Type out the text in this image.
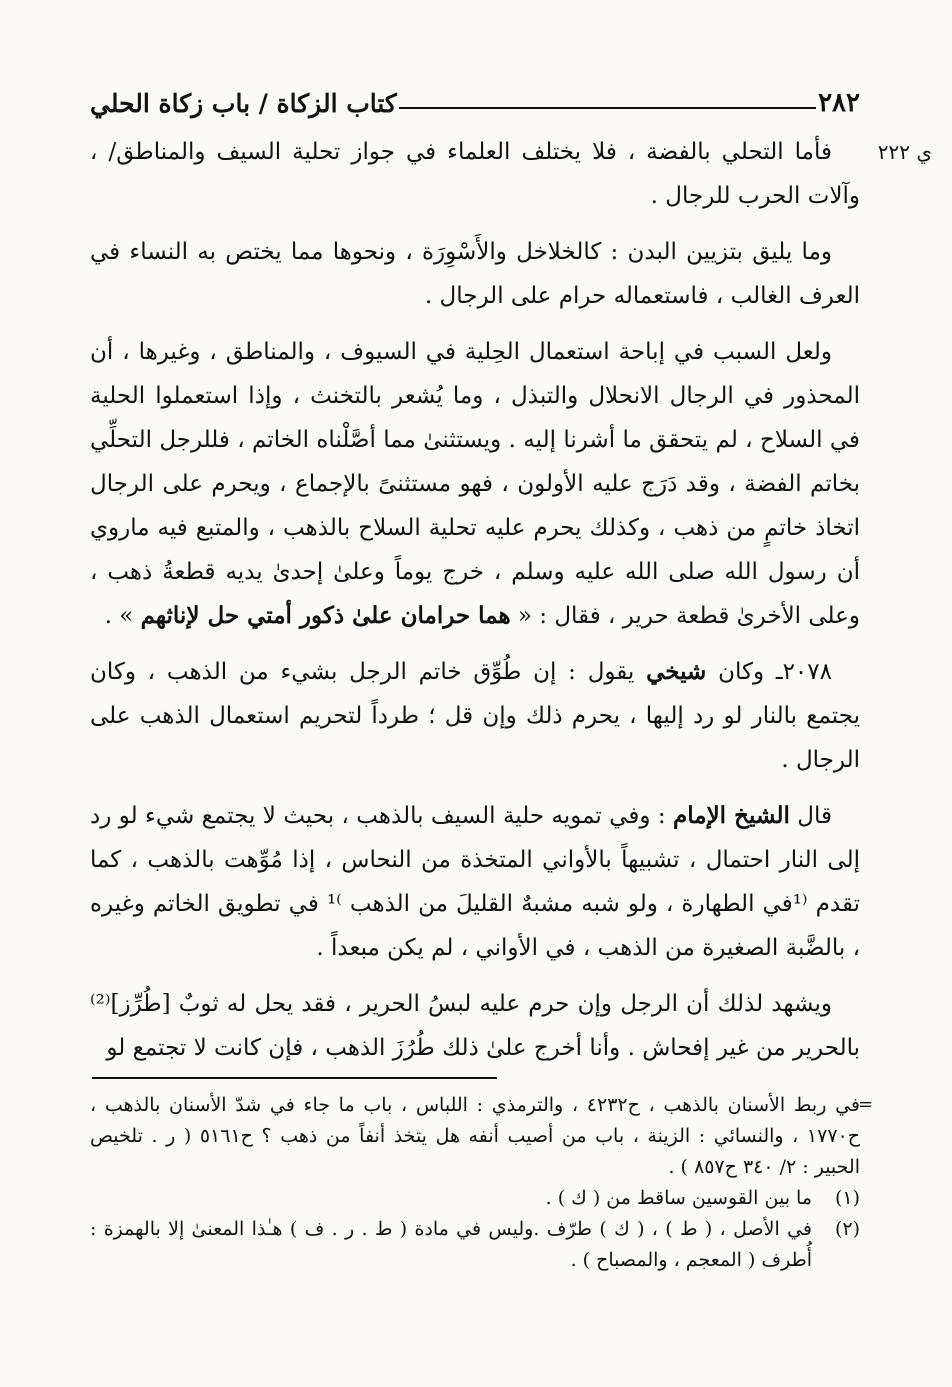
٢٨٢
كتاب الزكاة / باب زكاة الحلي
ي ٢٢٢

فأما التحلي بالفضة ، فلا يختلف العلماء في جواز تحلية السيف والمناطق/ ، وآلات الحرب للرجال .

وما يليق بتزيين البدن : كالخلاخل والأَسْوِرَة ، ونحوها مما يختص به النساء في العرف الغالب ، فاستعماله حرام على الرجال .

ولعل السبب في إباحة استعمال الحِلية في السيوف ، والمناطق ، وغيرها ، أن المحذور في الرجال الانحلال والتبذل ، وما يُشعر بالتخنث ، وإذا استعملوا الحلية في السلاح ، لم يتحقق ما أشرنا إليه . ويستثنىٰ مما أصَّلْناه الخاتم ، فللرجل التحلِّي بخاتم الفضة ، وقد دَرَج عليه الأولون ، فهو مستثنىً بالإجماع ، ويحرم على الرجال اتخاذ خاتمٍ من ذهب ، وكذلك يحرم عليه تحلية السلاح بالذهب ، والمتبع فيه ماروي أن رسول الله صلى الله عليه وسلم ، خرج يوماً وعلىٰ إحدىٰ يديه قطعةُ ذهب ، وعلى الأخرىٰ قطعة حرير ، فقال : « هما حرامان علىٰ ذكور أمتي حل لإناثهم » .

٢٠٧٨ـ وكان شيخي يقول : إن طُوِّق خاتم الرجل بشيء من الذهب ، وكان يجتمع بالنار لو رد إليها ، يحرم ذلك وإن قل ؛ طرداً لتحريم استعمال الذهب على الرجال .

قال الشيخ الإمام : وفي تمويه حلية السيف بالذهب ، بحيث لا يجتمع شيء لو رد إلى النار احتمال ، تشبيهاً بالأواني المتخذة من النحاس ، إذا مُوِّهت بالذهب ، كما تقدم ⁽¹في الطهارة ، ولو شبه مشبهٌ القليلَ من الذهب ⁾¹ في تطويق الخاتم وغيره ، بالضَّبة الصغيرة من الذهب ، في الأواني ، لم يكن مبعداً .

ويشهد لذلك أن الرجل وإن حرم عليه لبسُ الحرير ، فقد يحل له ثوبٌ [طُرِّز]⁽²⁾ بالحرير من غير إفحاش . وأنا أخرج علىٰ ذلك طُرُزَ الذهب ، فإن كانت لا تجتمع لو

=

في ربط الأسنان بالذهب ، ح٤٢٣٢ ، والترمذي : اللباس ، باب ما جاء في شدّ الأسنان بالذهب ، ح١٧٧٠ ، والنسائي : الزينة ، باب من أصيب أنفه هل يتخذ أنفاً من ذهب ؟ ح٥١٦١ ( ر . تلخيص الحبير : ٢/ ٣٤٠ ح٨٥٧ ) .

(١)
ما بين القوسين ساقط من ( ك ) .
(٢)
في الأصل ، ( ط ) ، ( ك ) طرّف .وليس في مادة ( ط . ر . ف ) هـٰذا المعنىٰ إلا بالهمزة : أُطرف ( المعجم ، والمصباح ) .
